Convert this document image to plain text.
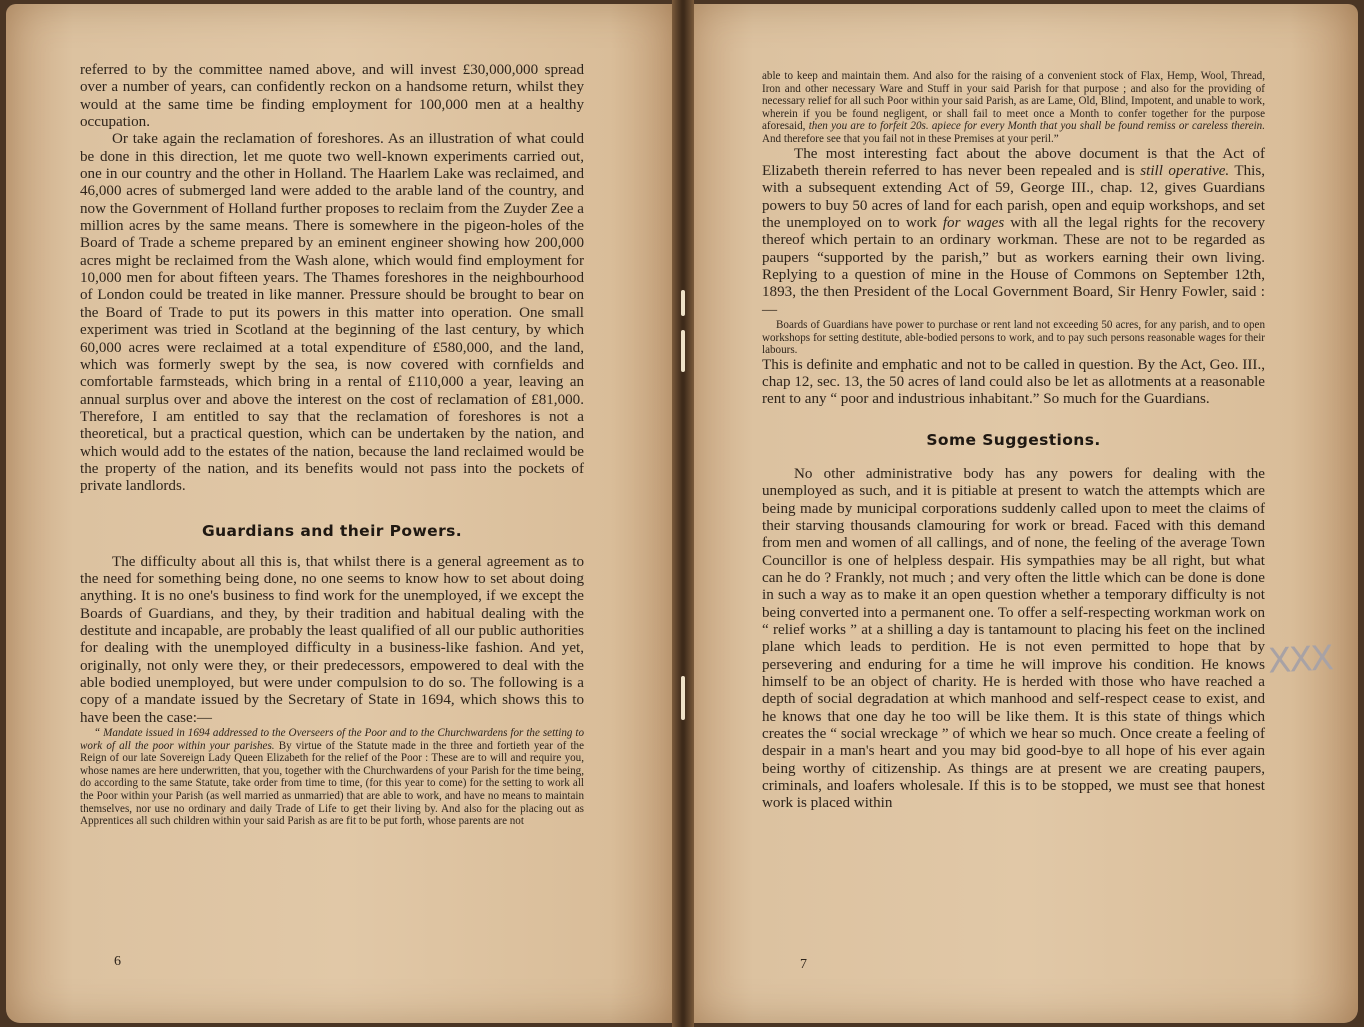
referred to by the committee named above, and will invest £30,000,000 spread over a number of years, can confidently reckon on a handsome return, whilst they would at the same time be finding employment for 100,000 men at a healthy occupation.

Or take again the reclamation of foreshores. As an illustration of what could be done in this direction, let me quote two well-known experiments carried out, one in our country and the other in Holland. The Haarlem Lake was reclaimed, and 46,000 acres of submerged land were added to the arable land of the country, and now the Government of Holland further proposes to reclaim from the Zuyder Zee a million acres by the same means. There is somewhere in the pigeon-holes of the Board of Trade a scheme prepared by an eminent engineer showing how 200,000 acres might be reclaimed from the Wash alone, which would find employment for 10,000 men for about fifteen years. The Thames foreshores in the neighbourhood of London could be treated in like manner. Pressure should be brought to bear on the Board of Trade to put its powers in this matter into operation. One small experiment was tried in Scotland at the beginning of the last century, by which 60,000 acres were reclaimed at a total expenditure of £580,000, and the land, which was formerly swept by the sea, is now covered with cornfields and comfortable farmsteads, which bring in a rental of £110,000 a year, leaving an annual surplus over and above the interest on the cost of reclamation of £81,000. Therefore, I am entitled to say that the reclamation of foreshores is not a theoretical, but a practical question, which can be undertaken by the nation, and which would add to the estates of the nation, because the land reclaimed would be the property of the nation, and its benefits would not pass into the pockets of private landlords.

Guardians and their Powers.

The difficulty about all this is, that whilst there is a general agreement as to the need for something being done, no one seems to know how to set about doing anything. It is no one's business to find work for the unemployed, if we except the Boards of Guardians, and they, by their tradition and habitual dealing with the destitute and incapable, are probably the least qualified of all our public authorities for dealing with the unemployed difficulty in a business-like fashion. And yet, originally, not only were they, or their predecessors, empowered to deal with the able bodied unemployed, but were under compulsion to do so. The following is a copy of a mandate issued by the Secretary of State in 1694, which shows this to have been the case:—

“ Mandate issued in 1694 addressed to the Overseers of the Poor and to the Churchwardens for the setting to work of all the poor within your parishes. By virtue of the Statute made in the three and fortieth year of the Reign of our late Sovereign Lady Queen Elizabeth for the relief of the Poor : These are to will and require you, whose names are here underwritten, that you, together with the Churchwardens of your Parish for the time being, do according to the same Statute, take order from time to time, (for this year to come) for the setting to work all the Poor within your Parish (as well married as unmarried) that are able to work, and have no means to maintain themselves, nor use no ordinary and daily Trade of Life to get their living by. And also for the placing out as Apprentices all such children within your said Parish as are fit to be put forth, whose parents are not

6

able to keep and maintain them. And also for the raising of a convenient stock of Flax, Hemp, Wool, Thread, Iron and other necessary Ware and Stuff in your said Parish for that purpose ; and also for the providing of necessary relief for all such Poor within your said Parish, as are Lame, Old, Blind, Impotent, and unable to work, wherein if you be found negligent, or shall fail to meet once a Month to confer together for the purpose aforesaid, then you are to forfeit 20s. apiece for every Month that you shall be found remiss or careless therein. And therefore see that you fail not in these Premises at your peril.”

The most interesting fact about the above document is that the Act of Elizabeth therein referred to has never been repealed and is still operative. This, with a subsequent extending Act of 59, George III., chap. 12, gives Guardians powers to buy 50 acres of land for each parish, open and equip workshops, and set the unemployed on to work for wages with all the legal rights for the recovery thereof which pertain to an ordinary workman. These are not to be regarded as paupers “supported by the parish,” but as workers earning their own living. Replying to a question of mine in the House of Commons on September 12th, 1893, the then President of the Local Government Board, Sir Henry Fowler, said :—

Boards of Guardians have power to purchase or rent land not exceeding 50 acres, for any parish, and to open workshops for setting destitute, able-bodied persons to work, and to pay such persons reasonable wages for their labours.

This is definite and emphatic and not to be called in question. By the Act, Geo. III., chap 12, sec. 13, the 50 acres of land could also be let as allotments at a reasonable rent to any “ poor and industrious inhabitant.” So much for the Guardians.

Some Suggestions.

No other administrative body has any powers for dealing with the unemployed as such, and it is pitiable at present to watch the attempts which are being made by municipal corporations suddenly called upon to meet the claims of their starving thousands clamouring for work or bread. Faced with this demand from men and women of all callings, and of none, the feeling of the average Town Councillor is one of helpless despair. His sympathies may be all right, but what can he do ? Frankly, not much ; and very often the little which can be done is done in such a way as to make it an open question whether a temporary difficulty is not being converted into a permanent one. To offer a self-respecting workman work on “ relief works ” at a shilling a day is tantamount to placing his feet on the inclined plane which leads to perdition. He is not even permitted to hope that by persevering and enduring for a time he will improve his condition. He knows himself to be an object of charity. He is herded with those who have reached a depth of social degradation at which manhood and self-respect cease to exist, and he knows that one day he too will be like them. It is this state of things which creates the “ social wreckage ” of which we hear so much. Once create a feeling of despair in a man's heart and you may bid good-bye to all hope of his ever again being worthy of citizenship. As things are at present we are creating paupers, criminals, and loafers wholesale. If this is to be stopped, we must see that honest work is placed within

7
XXX
